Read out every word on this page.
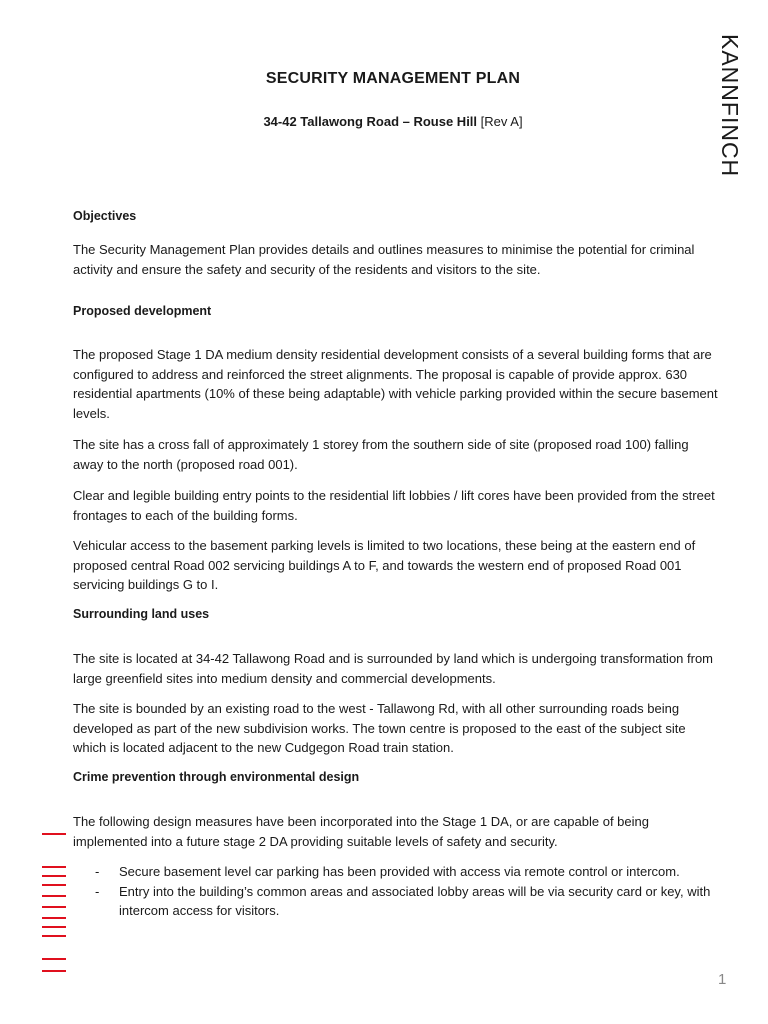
KANNFINCH
SECURITY MANAGEMENT PLAN
34-42 Tallawong Road – Rouse Hill [Rev A]
Objectives
The Security Management Plan provides details and outlines measures to minimise the potential for criminal activity and ensure the safety and security of the residents and visitors to the site.
Proposed development
The proposed Stage 1 DA medium density residential development consists of a several building forms that are configured to address and reinforced the street alignments. The proposal is capable of provide approx. 630 residential apartments (10% of these being adaptable) with vehicle parking provided within the secure basement levels.
The site has a cross fall of approximately 1 storey from the southern side of site (proposed road 100) falling away to the north (proposed road 001).
Clear and legible building entry points to the residential lift lobbies / lift cores have been provided from the street frontages to each of the building forms.
Vehicular access to the basement parking levels is limited to two locations, these being at the eastern end of proposed central Road 002 servicing buildings A to F, and towards the western end of proposed Road 001 servicing buildings G to I.
Surrounding land uses
The site is located at 34-42 Tallawong Road and is surrounded by land which is undergoing transformation from large greenfield sites into medium density and commercial developments.
The site is bounded by an existing road to the west - Tallawong Rd, with all other surrounding roads being developed as part of the new subdivision works. The town centre is proposed to the east of the subject site which is located adjacent to the new Cudgegon Road train station.
Crime prevention through environmental design
The following design measures have been incorporated into the Stage 1 DA, or are capable of being implemented into a future stage 2 DA providing suitable levels of safety and security.
- Secure basement level car parking has been provided with access via remote control or intercom.
- Entry into the building’s common areas and associated lobby areas will be via security card or key, with intercom access for visitors.
1
